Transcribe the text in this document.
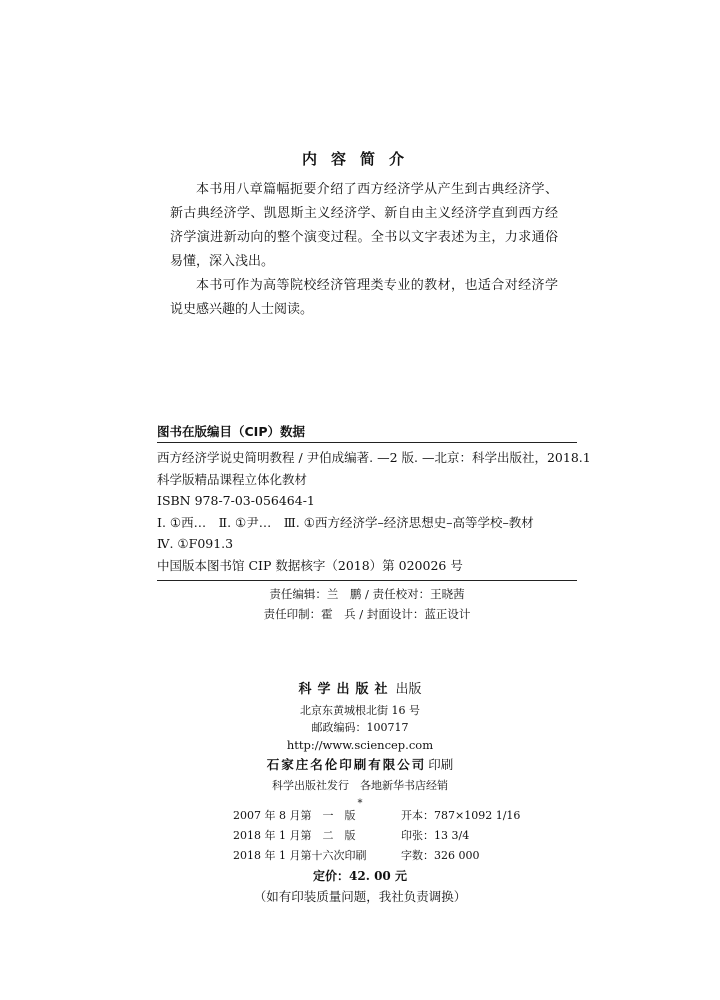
内容简介

本书用八章篇幅扼要介绍了西方经济学从产生到古典经济学、新古典经济学、凯恩斯主义经济学、新自由主义经济学直到西方经济学演进新动向的整个演变过程。全书以文字表述为主，力求通俗易懂，深入浅出。

本书可作为高等院校经济管理类专业的教材，也适合对经济学说史感兴趣的人士阅读。

图书在版编目（CIP）数据
西方经济学说史简明教程 / 尹伯成编著. —2 版. —北京：科学出版社，2018.1
科学版精品课程立体化教材
ISBN 978-7-03-056464-1
Ⅰ. ①西…　Ⅱ. ①尹…　Ⅲ. ①西方经济学–经济思想史–高等学校–教材
Ⅳ. ①F091.3
中国版本图书馆 CIP 数据核字（2018）第 020026 号
责任编辑：兰　鹏 / 责任校对：王晓茜
责任印制：霍　兵 / 封面设计：蓝正设计
科学出版社 出版
北京东黄城根北街 16 号
邮政编码：100717
http://www.sciencep.com
石家庄名伦印刷有限公司 印刷
科学出版社发行　各地新华书店经销
*
2007 年 8 月第　一　版	开本：787×1092 1/16
2018 年 1 月第　二　版	印张：13 3/4
2018 年 1 月第十六次印刷	字数：326 000
定价：42. 00 元
（如有印装质量问题，我社负责调换）
